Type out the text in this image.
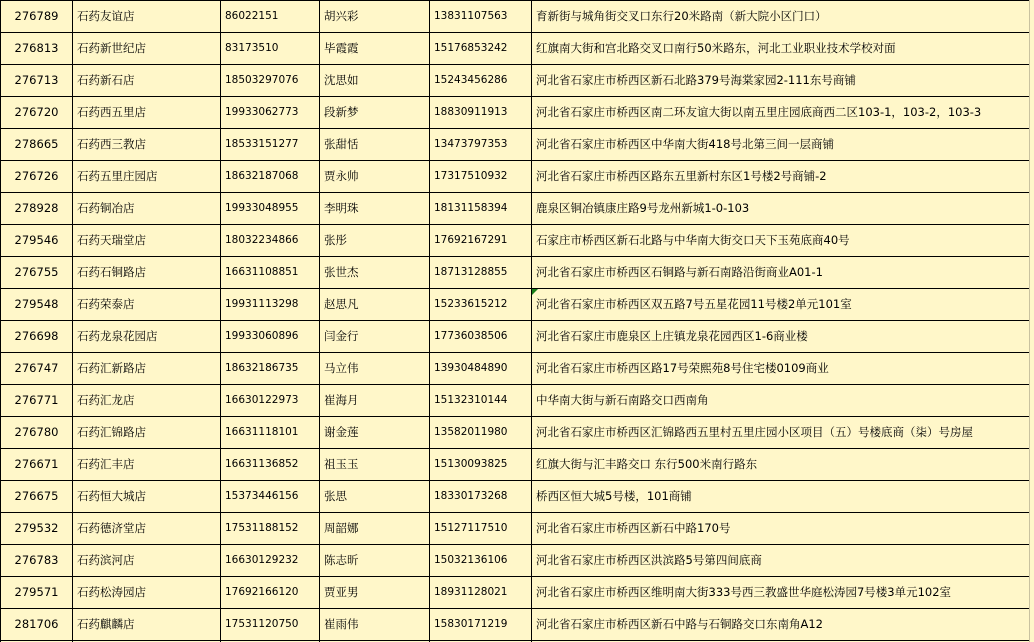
276789	石药友谊店	86022151	胡兴彩	13831107563	育新街与城角街交叉口东行20米路南（新大院小区门口）
276813	石药新世纪店	83173510	毕霞霞	15176853242	红旗南大街和宫北路交叉口南行50米路东，河北工业职业技术学校对面
276713	石药新石店	18503297076	沈思如	15243456286	河北省石家庄市桥西区新石北路379号海棠家园2-111东号商铺
276720	石药西五里店	19933062773	段新梦	18830911913	河北省石家庄市桥西区南二环友谊大街以南五里庄园底商西二区103-1，103-2，103-3
278665	石药西三教店	18533151277	张甜恬	13473797353	河北省石家庄市桥西区中华南大街418号北第三间一层商铺
276726	石药五里庄园店	18632187068	贾永帅	17317510932	河北省石家庄市桥西区路东五里新村东区1号楼2号商铺-2
278928	石药铜冶店	19933048955	李明珠	18131158394	鹿泉区铜冶镇康庄路9号龙州新城1-0-103
279546	石药天瑞堂店	18032234866	张彤	17692167291	石家庄市桥西区新石北路与中华南大街交口天下玉苑底商40号
276755	石药石铜路店	16631108851	张世杰	18713128855	河北省石家庄市桥西区石铜路与新石南路沿街商业A01-1
279548	石药荣泰店	19931113298	赵思凡	15233615212	河北省石家庄市桥西区双五路7号五星花园11号楼2单元101室

276698	石药龙泉花园店	19933060896	闫金行	17736038506	河北省石家庄市鹿泉区上庄镇龙泉花园西区1-6商业楼
276747	石药汇新路店	18632186735	马立伟	13930484890	河北省石家庄市桥西区路17号荣熙苑8号住宅楼0109商业
276771	石药汇龙店	16630122973	崔海月	15132310144	中华南大街与新石南路交口西南角
276780	石药汇锦路店	16631118101	谢金莲	13582011980	河北省石家庄市桥西区汇锦路西五里村五里庄园小区项目（五）号楼底商（柒）号房屋
276671	石药汇丰店	16631136852	祖玉玉	15130093825	红旗大街与汇丰路交口 东行500米南行路东
276675	石药恒大城店	15373446156	张思	18330173268	桥西区恒大城5号楼，101商铺
279532	石药德济堂店	17531188152	周韶娜	15127117510	河北省石家庄市桥西区新石中路170号
276783	石药滨河店	16630129232	陈志昕	15032136106	河北省石家庄市桥西区洪滨路5号第四间底商
279571	石药松涛园店	17692166120	贾亚男	18931128021	河北省石家庄市桥西区维明南大街333号西三教盛世华庭松涛园7号楼3单元102室
281706	石药麒麟店	17531120750	崔雨伟	15830171219	河北省石家庄市桥西区新石中路与石铜路交口东南角A12
